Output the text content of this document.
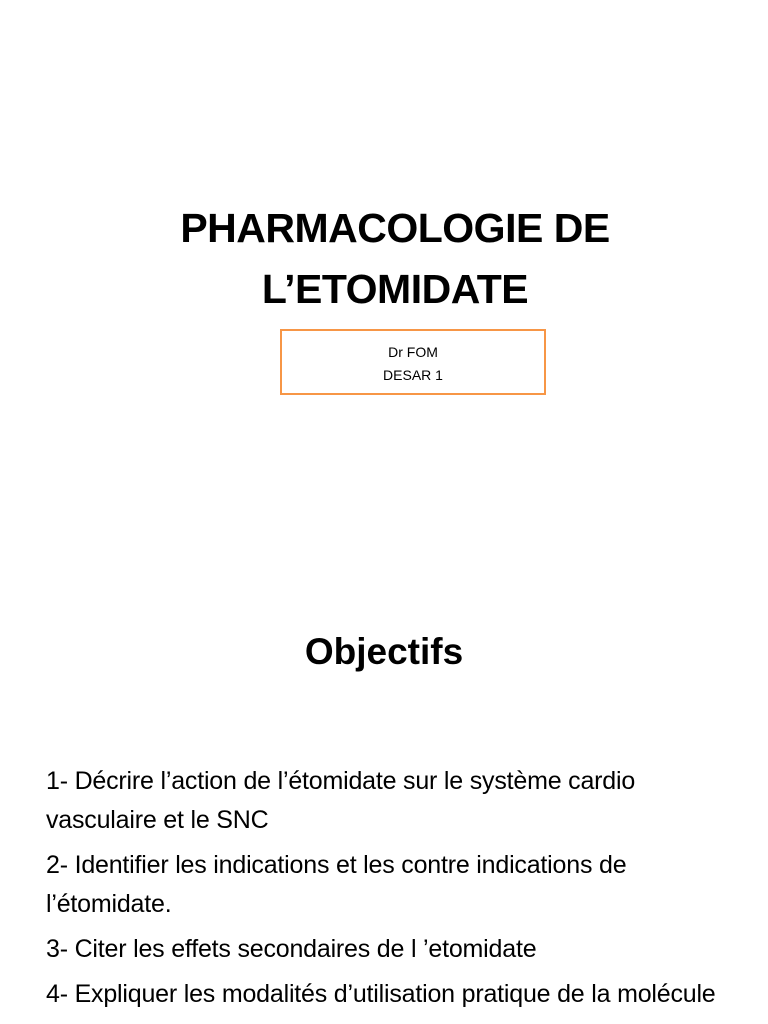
PHARMACOLOGIE DE
L’ETOMIDATE
Dr FOM
DESAR 1
Objectifs
1- Décrire l’action de l’étomidate sur le système cardio vasculaire et le SNC
2- Identifier les indications et les contre indications de l’étomidate.
3- Citer les effets secondaires de l ’etomidate
4- Expliquer les modalités d’utilisation pratique de la molécule
